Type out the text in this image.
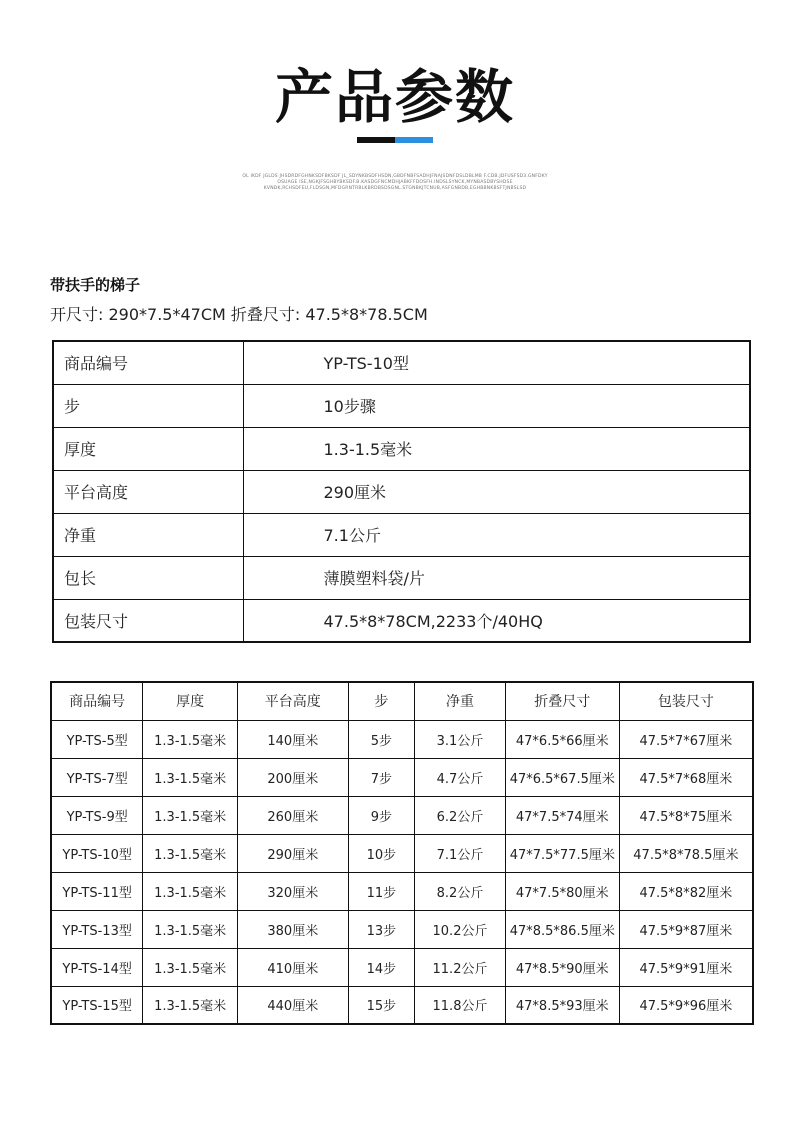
产品参数
OL IKDF JGLDS JHSDRDFGHNKSDFBKSDF JL_SDYNKBSDFHSDN,GBDFNBFSADHJFNAJSDNFDSLDBLMB F.CDB.JDFUSFSD3.GNFDKY
OSUAGE ISE,NGKJFSGHBYBKSDF.B.KASDGFNCMDHJABKFFDOSFH.INDSLSYNCK,MYNBASDBYSHDSE
KVNDK,RCHSDFEU,FLDSGN,MFDGRNTRBLKBRDBSDSGNL.STGNBKJTCNUB,ASFGNBDB,EGHBBNKBSFTJNBSLSD
带扶手的梯子
开尺寸: 290*7.5*47CM 折叠尺寸: 47.5*8*78.5CM
商品编号	YP-TS-10型
步	10步骤
厚度	1.3-1.5毫米
平台高度	290厘米
净重	7.1公斤
包长	薄膜塑料袋/片
包装尺寸	47.5*8*78CM,2233个/40HQ
商品编号	厚度	平台高度	步	净重	折叠尺寸	包装尺寸
YP-TS-5型	1.3-1.5毫米	140厘米	5步	3.1公斤	47*6.5*66厘米	47.5*7*67厘米
YP-TS-7型	1.3-1.5毫米	200厘米	7步	4.7公斤	47*6.5*67.5厘米	47.5*7*68厘米
YP-TS-9型	1.3-1.5毫米	260厘米	9步	6.2公斤	47*7.5*74厘米	47.5*8*75厘米
YP-TS-10型	1.3-1.5毫米	290厘米	10步	7.1公斤	47*7.5*77.5厘米	47.5*8*78.5厘米
YP-TS-11型	1.3-1.5毫米	320厘米	11步	8.2公斤	47*7.5*80厘米	47.5*8*82厘米
YP-TS-13型	1.3-1.5毫米	380厘米	13步	10.2公斤	47*8.5*86.5厘米	47.5*9*87厘米
YP-TS-14型	1.3-1.5毫米	410厘米	14步	11.2公斤	47*8.5*90厘米	47.5*9*91厘米
YP-TS-15型	1.3-1.5毫米	440厘米	15步	11.8公斤	47*8.5*93厘米	47.5*9*96厘米
